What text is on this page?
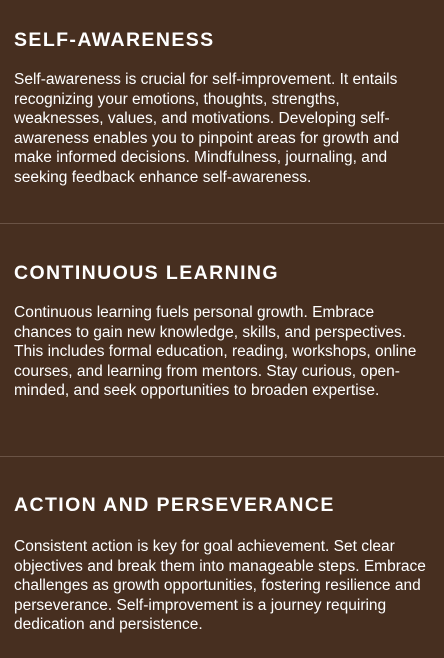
SELF-AWARENESS

Self-awareness is crucial for self-improvement. It entails recognizing your emotions, thoughts, strengths, weaknesses, values, and motivations. Developing self-awareness enables you to pinpoint areas for growth and make informed decisions. Mindfulness, journaling, and seeking feedback enhance self-awareness.

CONTINUOUS LEARNING

Continuous learning fuels personal growth. Embrace chances to gain new knowledge, skills, and perspectives. This includes formal education, reading, workshops, online courses, and learning from mentors. Stay curious, open-minded, and seek opportunities to broaden expertise.

ACTION AND PERSEVERANCE

Consistent action is key for goal achievement. Set clear objectives and break them into manageable steps. Embrace challenges as growth opportunities, fostering resilience and perseverance. Self-improvement is a journey requiring dedication and persistence.
